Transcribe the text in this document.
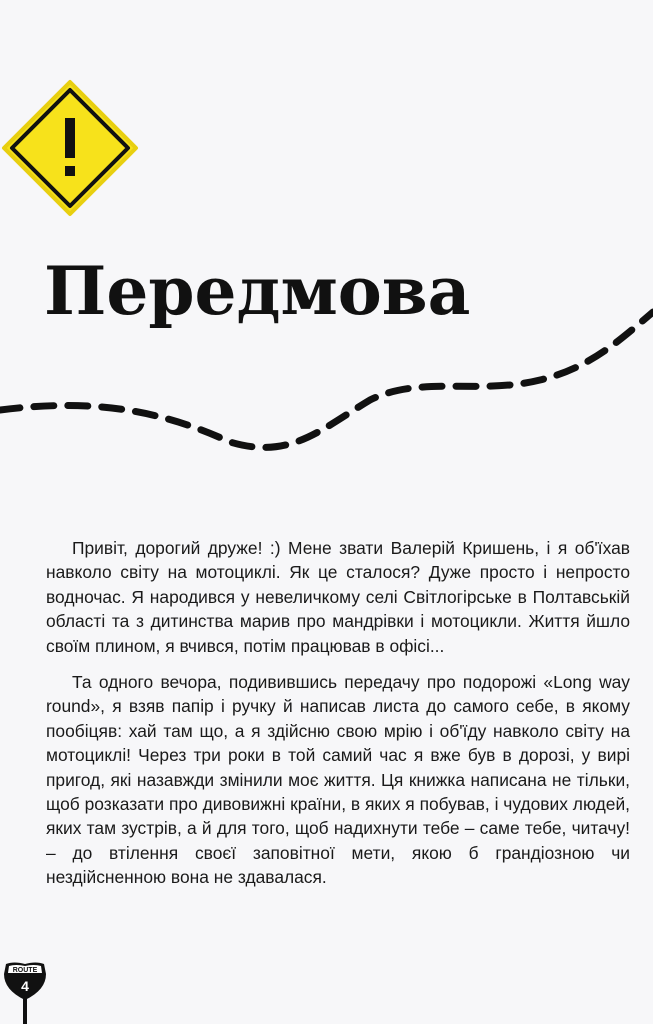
Передмова

Привіт, дорогий друже! :) Мене звати Валерій Кришень, і я об'їхав навколо світу на мотоциклі. Як це сталося? Дуже просто і непросто водночас. Я народився у невеличкому селі Світлогірське в Полтавській області та з дитинства марив про мандрівки і мотоцикли. Життя йшло своїм плином, я вчився, потім працював в офісі...

Та одного вечора, подивившись передачу про подорожі «Long way round», я взяв папір і ручку й написав листа до самого себе, в якому пообіцяв: хай там що, а я здійсню свою мрію і об'їду навколо світу на мотоциклі! Через три роки в той самий час я вже був в дорозі, у вирі пригод, які назавжди змінили моє життя. Ця книжка написана не тільки, щоб розказати про дивовижні країни, в яких я побував, і чудових людей, яких там зустрів, а й для того, щоб надихнути тебе – саме тебе, читачу! – до втілення своєї заповітної мети, якою б грандіозною чи нездійсненною вона не здавалася.

ROUTE
4
